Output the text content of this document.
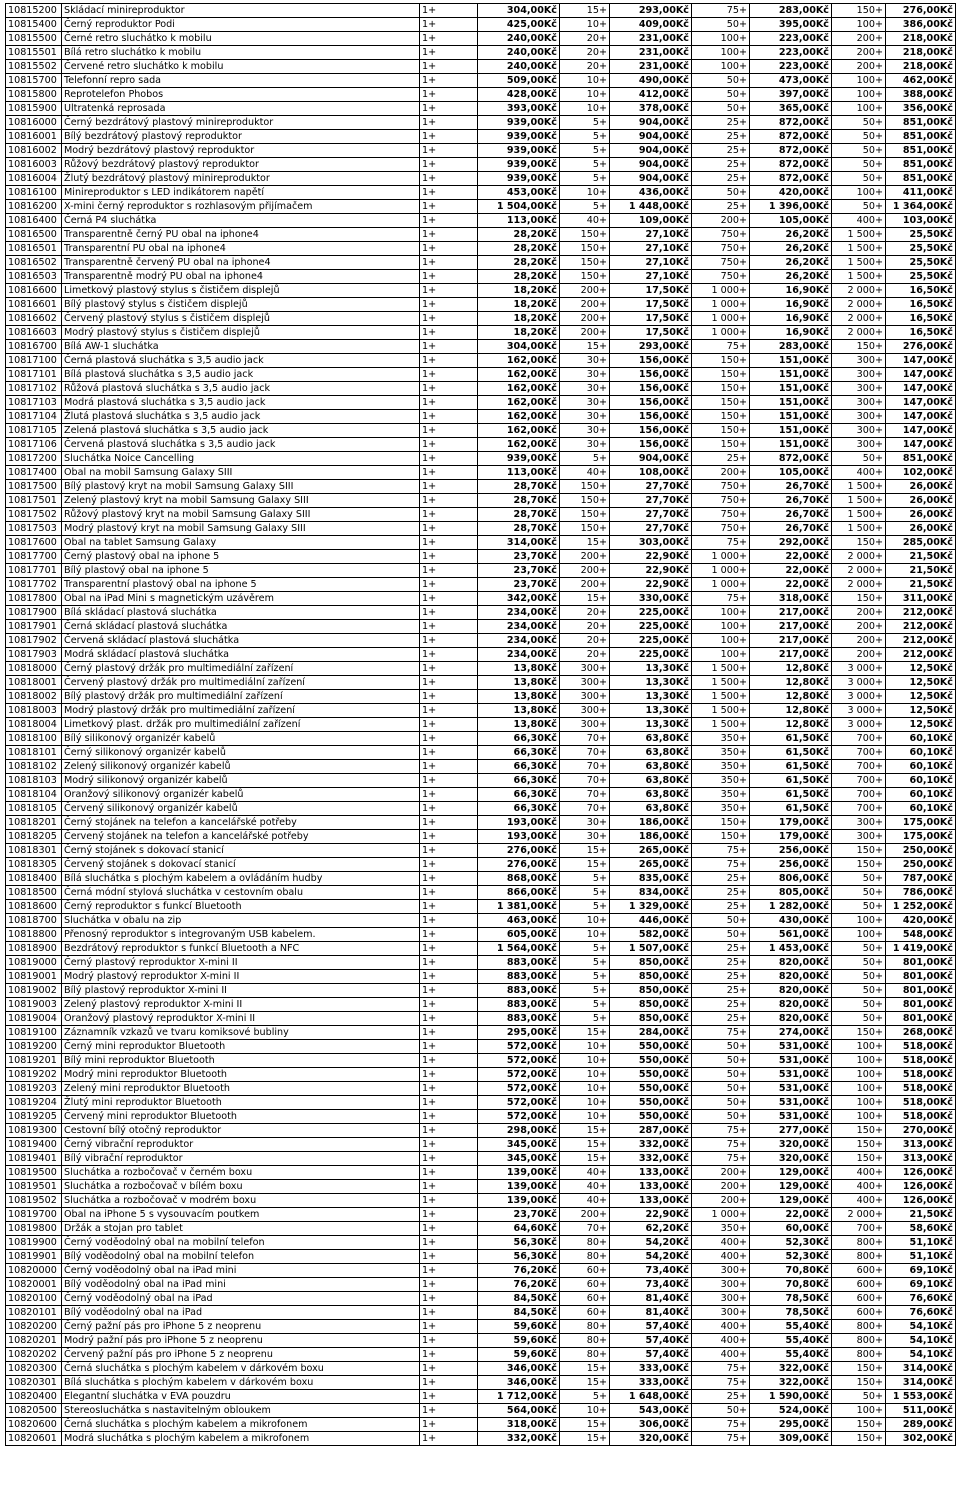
10815200	Skládací minireproduktor	1+	304,00Kč	15+	293,00Kč	75+	283,00Kč	150+	276,00Kč
10815400	Černý reproduktor Podi	1+	425,00Kč	10+	409,00Kč	50+	395,00Kč	100+	386,00Kč
10815500	Černé retro sluchátko k mobilu	1+	240,00Kč	20+	231,00Kč	100+	223,00Kč	200+	218,00Kč
10815501	Bílá retro sluchátko k mobilu	1+	240,00Kč	20+	231,00Kč	100+	223,00Kč	200+	218,00Kč
10815502	Červené retro sluchátko k mobilu	1+	240,00Kč	20+	231,00Kč	100+	223,00Kč	200+	218,00Kč
10815700	Telefonní repro sada	1+	509,00Kč	10+	490,00Kč	50+	473,00Kč	100+	462,00Kč
10815800	Reprotelefon Phobos	1+	428,00Kč	10+	412,00Kč	50+	397,00Kč	100+	388,00Kč
10815900	Ultratenká reprosada	1+	393,00Kč	10+	378,00Kč	50+	365,00Kč	100+	356,00Kč
10816000	Černý bezdrátový plastový minireproduktor	1+	939,00Kč	5+	904,00Kč	25+	872,00Kč	50+	851,00Kč
10816001	Bílý bezdrátový plastový reproduktor	1+	939,00Kč	5+	904,00Kč	25+	872,00Kč	50+	851,00Kč
10816002	Modrý bezdrátový plastový reproduktor	1+	939,00Kč	5+	904,00Kč	25+	872,00Kč	50+	851,00Kč
10816003	Růžový bezdrátový plastový reproduktor	1+	939,00Kč	5+	904,00Kč	25+	872,00Kč	50+	851,00Kč
10816004	Žlutý bezdrátový plastový minireproduktor	1+	939,00Kč	5+	904,00Kč	25+	872,00Kč	50+	851,00Kč
10816100	Minireproduktor s LED indikátorem napětí	1+	453,00Kč	10+	436,00Kč	50+	420,00Kč	100+	411,00Kč
10816200	X-mini černý reproduktor s rozhlasovým přijímačem	1+	1 504,00Kč	5+	1 448,00Kč	25+	1 396,00Kč	50+	1 364,00Kč
10816400	Černá P4 sluchátka	1+	113,00Kč	40+	109,00Kč	200+	105,00Kč	400+	103,00Kč
10816500	Transparentně černý PU obal na iphone4	1+	28,20Kč	150+	27,10Kč	750+	26,20Kč	1 500+	25,50Kč
10816501	Transparentní PU obal na iphone4	1+	28,20Kč	150+	27,10Kč	750+	26,20Kč	1 500+	25,50Kč
10816502	Transparentně červený PU obal na iphone4	1+	28,20Kč	150+	27,10Kč	750+	26,20Kč	1 500+	25,50Kč
10816503	Transparentně modrý PU obal na iphone4	1+	28,20Kč	150+	27,10Kč	750+	26,20Kč	1 500+	25,50Kč
10816600	Limetkový plastový stylus s čističem displejů	1+	18,20Kč	200+	17,50Kč	1 000+	16,90Kč	2 000+	16,50Kč
10816601	Bílý plastový stylus s čističem displejů	1+	18,20Kč	200+	17,50Kč	1 000+	16,90Kč	2 000+	16,50Kč
10816602	Červený plastový stylus s čističem displejů	1+	18,20Kč	200+	17,50Kč	1 000+	16,90Kč	2 000+	16,50Kč
10816603	Modrý plastový stylus s čističem displejů	1+	18,20Kč	200+	17,50Kč	1 000+	16,90Kč	2 000+	16,50Kč
10816700	Bílá AW-1 sluchátka	1+	304,00Kč	15+	293,00Kč	75+	283,00Kč	150+	276,00Kč
10817100	Černá plastová sluchátka s 3,5 audio jack	1+	162,00Kč	30+	156,00Kč	150+	151,00Kč	300+	147,00Kč
10817101	Bílá plastová sluchátka s 3,5 audio jack	1+	162,00Kč	30+	156,00Kč	150+	151,00Kč	300+	147,00Kč
10817102	Růžová plastová sluchátka s 3,5 audio jack	1+	162,00Kč	30+	156,00Kč	150+	151,00Kč	300+	147,00Kč
10817103	Modrá plastová sluchátka s 3,5 audio jack	1+	162,00Kč	30+	156,00Kč	150+	151,00Kč	300+	147,00Kč
10817104	Žlutá plastová sluchátka s 3,5 audio jack	1+	162,00Kč	30+	156,00Kč	150+	151,00Kč	300+	147,00Kč
10817105	Zelená plastová sluchátka s 3,5 audio jack	1+	162,00Kč	30+	156,00Kč	150+	151,00Kč	300+	147,00Kč
10817106	Červená plastová sluchátka s 3,5 audio jack	1+	162,00Kč	30+	156,00Kč	150+	151,00Kč	300+	147,00Kč
10817200	Sluchátka Noice Cancelling	1+	939,00Kč	5+	904,00Kč	25+	872,00Kč	50+	851,00Kč
10817400	Obal na mobil Samsung Galaxy SIII	1+	113,00Kč	40+	108,00Kč	200+	105,00Kč	400+	102,00Kč
10817500	Bílý plastový kryt na mobil Samsung Galaxy SIII	1+	28,70Kč	150+	27,70Kč	750+	26,70Kč	1 500+	26,00Kč
10817501	Zelený plastový kryt na mobil Samsung Galaxy SIII	1+	28,70Kč	150+	27,70Kč	750+	26,70Kč	1 500+	26,00Kč
10817502	Růžový plastový kryt na mobil Samsung Galaxy SIII	1+	28,70Kč	150+	27,70Kč	750+	26,70Kč	1 500+	26,00Kč
10817503	Modrý plastový kryt na mobil Samsung Galaxy SIII	1+	28,70Kč	150+	27,70Kč	750+	26,70Kč	1 500+	26,00Kč
10817600	Obal na tablet Samsung Galaxy	1+	314,00Kč	15+	303,00Kč	75+	292,00Kč	150+	285,00Kč
10817700	Černý plastový obal na iphone 5	1+	23,70Kč	200+	22,90Kč	1 000+	22,00Kč	2 000+	21,50Kč
10817701	Bílý plastový obal na iphone 5	1+	23,70Kč	200+	22,90Kč	1 000+	22,00Kč	2 000+	21,50Kč
10817702	Transparentní plastový obal na iphone 5	1+	23,70Kč	200+	22,90Kč	1 000+	22,00Kč	2 000+	21,50Kč
10817800	Obal na iPad Mini s magnetickým uzávěrem	1+	342,00Kč	15+	330,00Kč	75+	318,00Kč	150+	311,00Kč
10817900	Bílá skládací plastová sluchátka	1+	234,00Kč	20+	225,00Kč	100+	217,00Kč	200+	212,00Kč
10817901	Černá skládací plastová sluchátka	1+	234,00Kč	20+	225,00Kč	100+	217,00Kč	200+	212,00Kč
10817902	Červená skládací plastová sluchátka	1+	234,00Kč	20+	225,00Kč	100+	217,00Kč	200+	212,00Kč
10817903	Modrá skládací plastová sluchátka	1+	234,00Kč	20+	225,00Kč	100+	217,00Kč	200+	212,00Kč
10818000	Černý plastový držák pro multimediální zařízení	1+	13,80Kč	300+	13,30Kč	1 500+	12,80Kč	3 000+	12,50Kč
10818001	Červený plastový držák pro multimediální zařízení	1+	13,80Kč	300+	13,30Kč	1 500+	12,80Kč	3 000+	12,50Kč
10818002	Bílý plastový držák pro multimediální zařízení	1+	13,80Kč	300+	13,30Kč	1 500+	12,80Kč	3 000+	12,50Kč
10818003	Modrý plastový držák pro multimediální zařízení	1+	13,80Kč	300+	13,30Kč	1 500+	12,80Kč	3 000+	12,50Kč
10818004	Limetkový plast. držák pro multimediální zařízení	1+	13,80Kč	300+	13,30Kč	1 500+	12,80Kč	3 000+	12,50Kč
10818100	Bílý silikonový organizér kabelů	1+	66,30Kč	70+	63,80Kč	350+	61,50Kč	700+	60,10Kč
10818101	Černý silikonový organizér kabelů	1+	66,30Kč	70+	63,80Kč	350+	61,50Kč	700+	60,10Kč
10818102	Zelený silikonový organizér kabelů	1+	66,30Kč	70+	63,80Kč	350+	61,50Kč	700+	60,10Kč
10818103	Modrý silikonový organizér kabelů	1+	66,30Kč	70+	63,80Kč	350+	61,50Kč	700+	60,10Kč
10818104	Oranžový silikonový organizér kabelů	1+	66,30Kč	70+	63,80Kč	350+	61,50Kč	700+	60,10Kč
10818105	Červený silikonový organizér kabelů	1+	66,30Kč	70+	63,80Kč	350+	61,50Kč	700+	60,10Kč
10818201	Černý stojánek na telefon a kancelářské potřeby	1+	193,00Kč	30+	186,00Kč	150+	179,00Kč	300+	175,00Kč
10818205	Červený stojánek na telefon a kancelářské potřeby	1+	193,00Kč	30+	186,00Kč	150+	179,00Kč	300+	175,00Kč
10818301	Černý stojánek s dokovací stanicí	1+	276,00Kč	15+	265,00Kč	75+	256,00Kč	150+	250,00Kč
10818305	Červený stojánek s dokovací stanicí	1+	276,00Kč	15+	265,00Kč	75+	256,00Kč	150+	250,00Kč
10818400	Bílá sluchátka s plochým kabelem a ovládáním hudby	1+	868,00Kč	5+	835,00Kč	25+	806,00Kč	50+	787,00Kč
10818500	Černá módní stylová sluchátka v cestovním obalu	1+	866,00Kč	5+	834,00Kč	25+	805,00Kč	50+	786,00Kč
10818600	Černý reproduktor s funkcí Bluetooth	1+	1 381,00Kč	5+	1 329,00Kč	25+	1 282,00Kč	50+	1 252,00Kč
10818700	Sluchátka v obalu na zip	1+	463,00Kč	10+	446,00Kč	50+	430,00Kč	100+	420,00Kč
10818800	Přenosný reproduktor s integrovaným USB kabelem.	1+	605,00Kč	10+	582,00Kč	50+	561,00Kč	100+	548,00Kč
10818900	Bezdrátový reproduktor s funkcí Bluetooth a NFC	1+	1 564,00Kč	5+	1 507,00Kč	25+	1 453,00Kč	50+	1 419,00Kč
10819000	Černý plastový reproduktor X-mini II	1+	883,00Kč	5+	850,00Kč	25+	820,00Kč	50+	801,00Kč
10819001	Modrý plastový reproduktor X-mini II	1+	883,00Kč	5+	850,00Kč	25+	820,00Kč	50+	801,00Kč
10819002	Bílý plastový reproduktor X-mini II	1+	883,00Kč	5+	850,00Kč	25+	820,00Kč	50+	801,00Kč
10819003	Zelený plastový reproduktor X-mini II	1+	883,00Kč	5+	850,00Kč	25+	820,00Kč	50+	801,00Kč
10819004	Oranžový plastový reproduktor X-mini II	1+	883,00Kč	5+	850,00Kč	25+	820,00Kč	50+	801,00Kč
10819100	Záznamník vzkazů ve tvaru komiksové bubliny	1+	295,00Kč	15+	284,00Kč	75+	274,00Kč	150+	268,00Kč
10819200	Černý mini reproduktor Bluetooth	1+	572,00Kč	10+	550,00Kč	50+	531,00Kč	100+	518,00Kč
10819201	Bílý mini reproduktor Bluetooth	1+	572,00Kč	10+	550,00Kč	50+	531,00Kč	100+	518,00Kč
10819202	Modrý mini reproduktor Bluetooth	1+	572,00Kč	10+	550,00Kč	50+	531,00Kč	100+	518,00Kč
10819203	Zelený mini reproduktor Bluetooth	1+	572,00Kč	10+	550,00Kč	50+	531,00Kč	100+	518,00Kč
10819204	Žlutý mini reproduktor Bluetooth	1+	572,00Kč	10+	550,00Kč	50+	531,00Kč	100+	518,00Kč
10819205	Červený mini reproduktor Bluetooth	1+	572,00Kč	10+	550,00Kč	50+	531,00Kč	100+	518,00Kč
10819300	Cestovní bílý otočný reproduktor	1+	298,00Kč	15+	287,00Kč	75+	277,00Kč	150+	270,00Kč
10819400	Černý vibrační reproduktor	1+	345,00Kč	15+	332,00Kč	75+	320,00Kč	150+	313,00Kč
10819401	Bílý vibrační reproduktor	1+	345,00Kč	15+	332,00Kč	75+	320,00Kč	150+	313,00Kč
10819500	Sluchátka a rozbočovač v černém boxu	1+	139,00Kč	40+	133,00Kč	200+	129,00Kč	400+	126,00Kč
10819501	Sluchátka a rozbočovač v bílém boxu	1+	139,00Kč	40+	133,00Kč	200+	129,00Kč	400+	126,00Kč
10819502	Sluchátka a rozbočovač v modrém boxu	1+	139,00Kč	40+	133,00Kč	200+	129,00Kč	400+	126,00Kč
10819700	Obal na iPhone 5 s vysouvacím poutkem	1+	23,70Kč	200+	22,90Kč	1 000+	22,00Kč	2 000+	21,50Kč
10819800	Držák a stojan pro tablet	1+	64,60Kč	70+	62,20Kč	350+	60,00Kč	700+	58,60Kč
10819900	Černý voděodolný obal na mobilní telefon	1+	56,30Kč	80+	54,20Kč	400+	52,30Kč	800+	51,10Kč
10819901	Bílý voděodolný obal na mobilní telefon	1+	56,30Kč	80+	54,20Kč	400+	52,30Kč	800+	51,10Kč
10820000	Černý voděodolný obal na iPad mini	1+	76,20Kč	60+	73,40Kč	300+	70,80Kč	600+	69,10Kč
10820001	Bílý voděodolný obal na iPad mini	1+	76,20Kč	60+	73,40Kč	300+	70,80Kč	600+	69,10Kč
10820100	Černý voděodolný obal na iPad	1+	84,50Kč	60+	81,40Kč	300+	78,50Kč	600+	76,60Kč
10820101	Bílý voděodolný obal na iPad	1+	84,50Kč	60+	81,40Kč	300+	78,50Kč	600+	76,60Kč
10820200	Černý pažní pás pro iPhone 5 z neoprenu	1+	59,60Kč	80+	57,40Kč	400+	55,40Kč	800+	54,10Kč
10820201	Modrý pažní pás pro iPhone 5 z neoprenu	1+	59,60Kč	80+	57,40Kč	400+	55,40Kč	800+	54,10Kč
10820202	Červený pažní pás pro iPhone 5 z neoprenu	1+	59,60Kč	80+	57,40Kč	400+	55,40Kč	800+	54,10Kč
10820300	Černá sluchátka s plochým kabelem v dárkovém boxu	1+	346,00Kč	15+	333,00Kč	75+	322,00Kč	150+	314,00Kč
10820301	Bílá sluchátka s plochým kabelem v dárkovém boxu	1+	346,00Kč	15+	333,00Kč	75+	322,00Kč	150+	314,00Kč
10820400	Elegantní sluchátka v EVA pouzdru	1+	1 712,00Kč	5+	1 648,00Kč	25+	1 590,00Kč	50+	1 553,00Kč
10820500	Stereosluchátka s nastavitelným obloukem	1+	564,00Kč	10+	543,00Kč	50+	524,00Kč	100+	511,00Kč
10820600	Černá sluchátka s plochým kabelem a mikrofonem	1+	318,00Kč	15+	306,00Kč	75+	295,00Kč	150+	289,00Kč
10820601	Modrá sluchátka s plochým kabelem a mikrofonem	1+	332,00Kč	15+	320,00Kč	75+	309,00Kč	150+	302,00Kč
